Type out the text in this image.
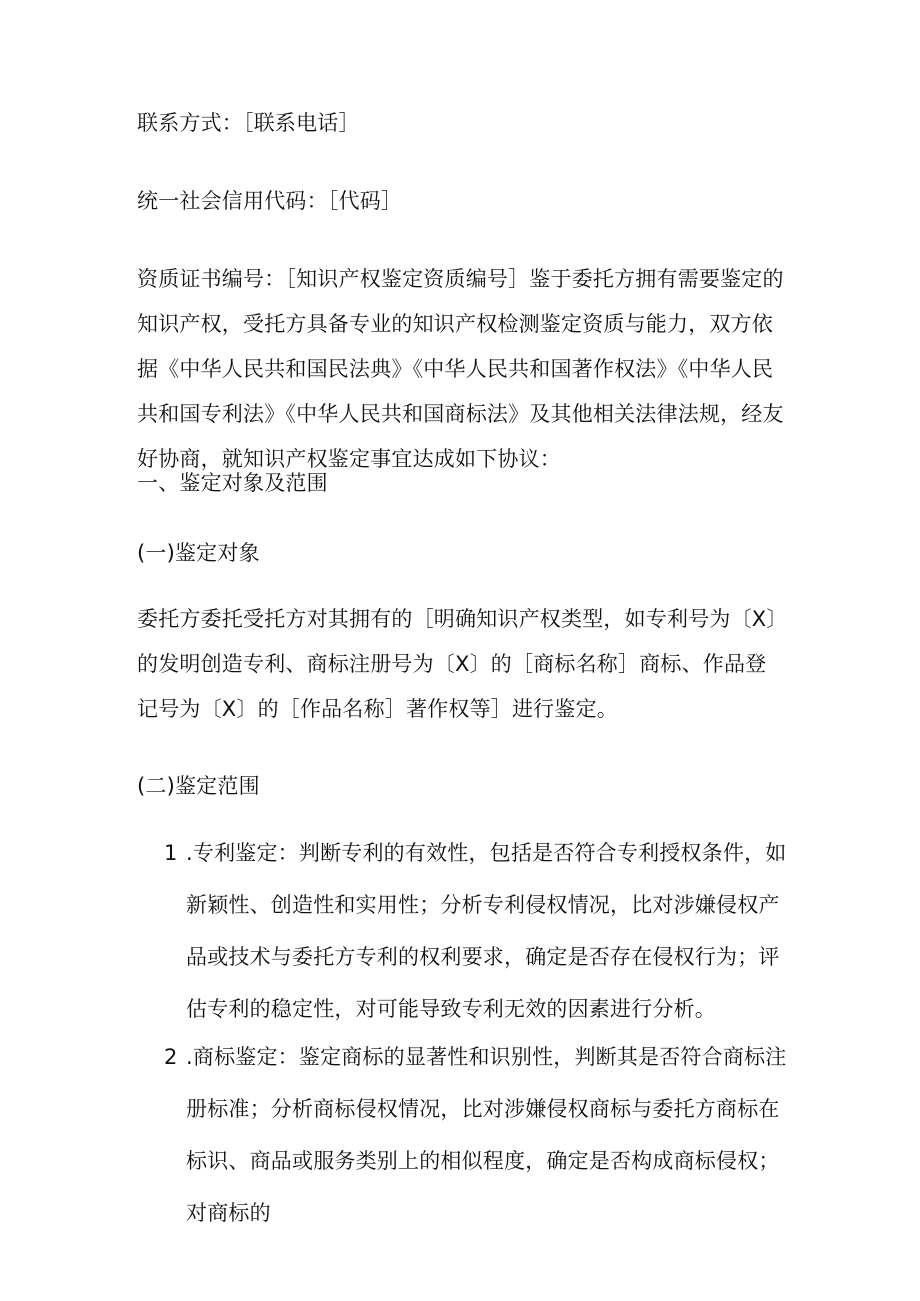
联系方式：［联系电话］
统一社会信用代码：［代码］
资质证书编号：［知识产权鉴定资质编号］鉴于委托方拥有需要鉴定的知识产权，受托方具备专业的知识产权检测鉴定资质与能力，双方依据《中华人民共和国民法典》《中华人民共和国著作权法》《中华人民共和国专利法》《中华人民共和国商标法》及其他相关法律法规，经友好协商，就知识产权鉴定事宜达成如下协议：
一、鉴定对象及范围
(一)鉴定对象
委托方委托受托方对其拥有的［明确知识产权类型，如专利号为〔X〕的发明创造专利、商标注册号为〔X〕的［商标名称］商标、作品登记号为〔X〕的［作品名称］著作权等］进行鉴定。
(二)鉴定范围
1 .专利鉴定：判断专利的有效性，包括是否符合专利授权条件，如新颖性、创造性和实用性；分析专利侵权情况，比对涉嫌侵权产品或技术与委托方专利的权利要求，确定是否存在侵权行为；评估专利的稳定性，对可能导致专利无效的因素进行分析。
2 .商标鉴定：鉴定商标的显著性和识别性，判断其是否符合商标注册标准；分析商标侵权情况，比对涉嫌侵权商标与委托方商标在标识、商品或服务类别上的相似程度，确定是否构成商标侵权；对商标的
